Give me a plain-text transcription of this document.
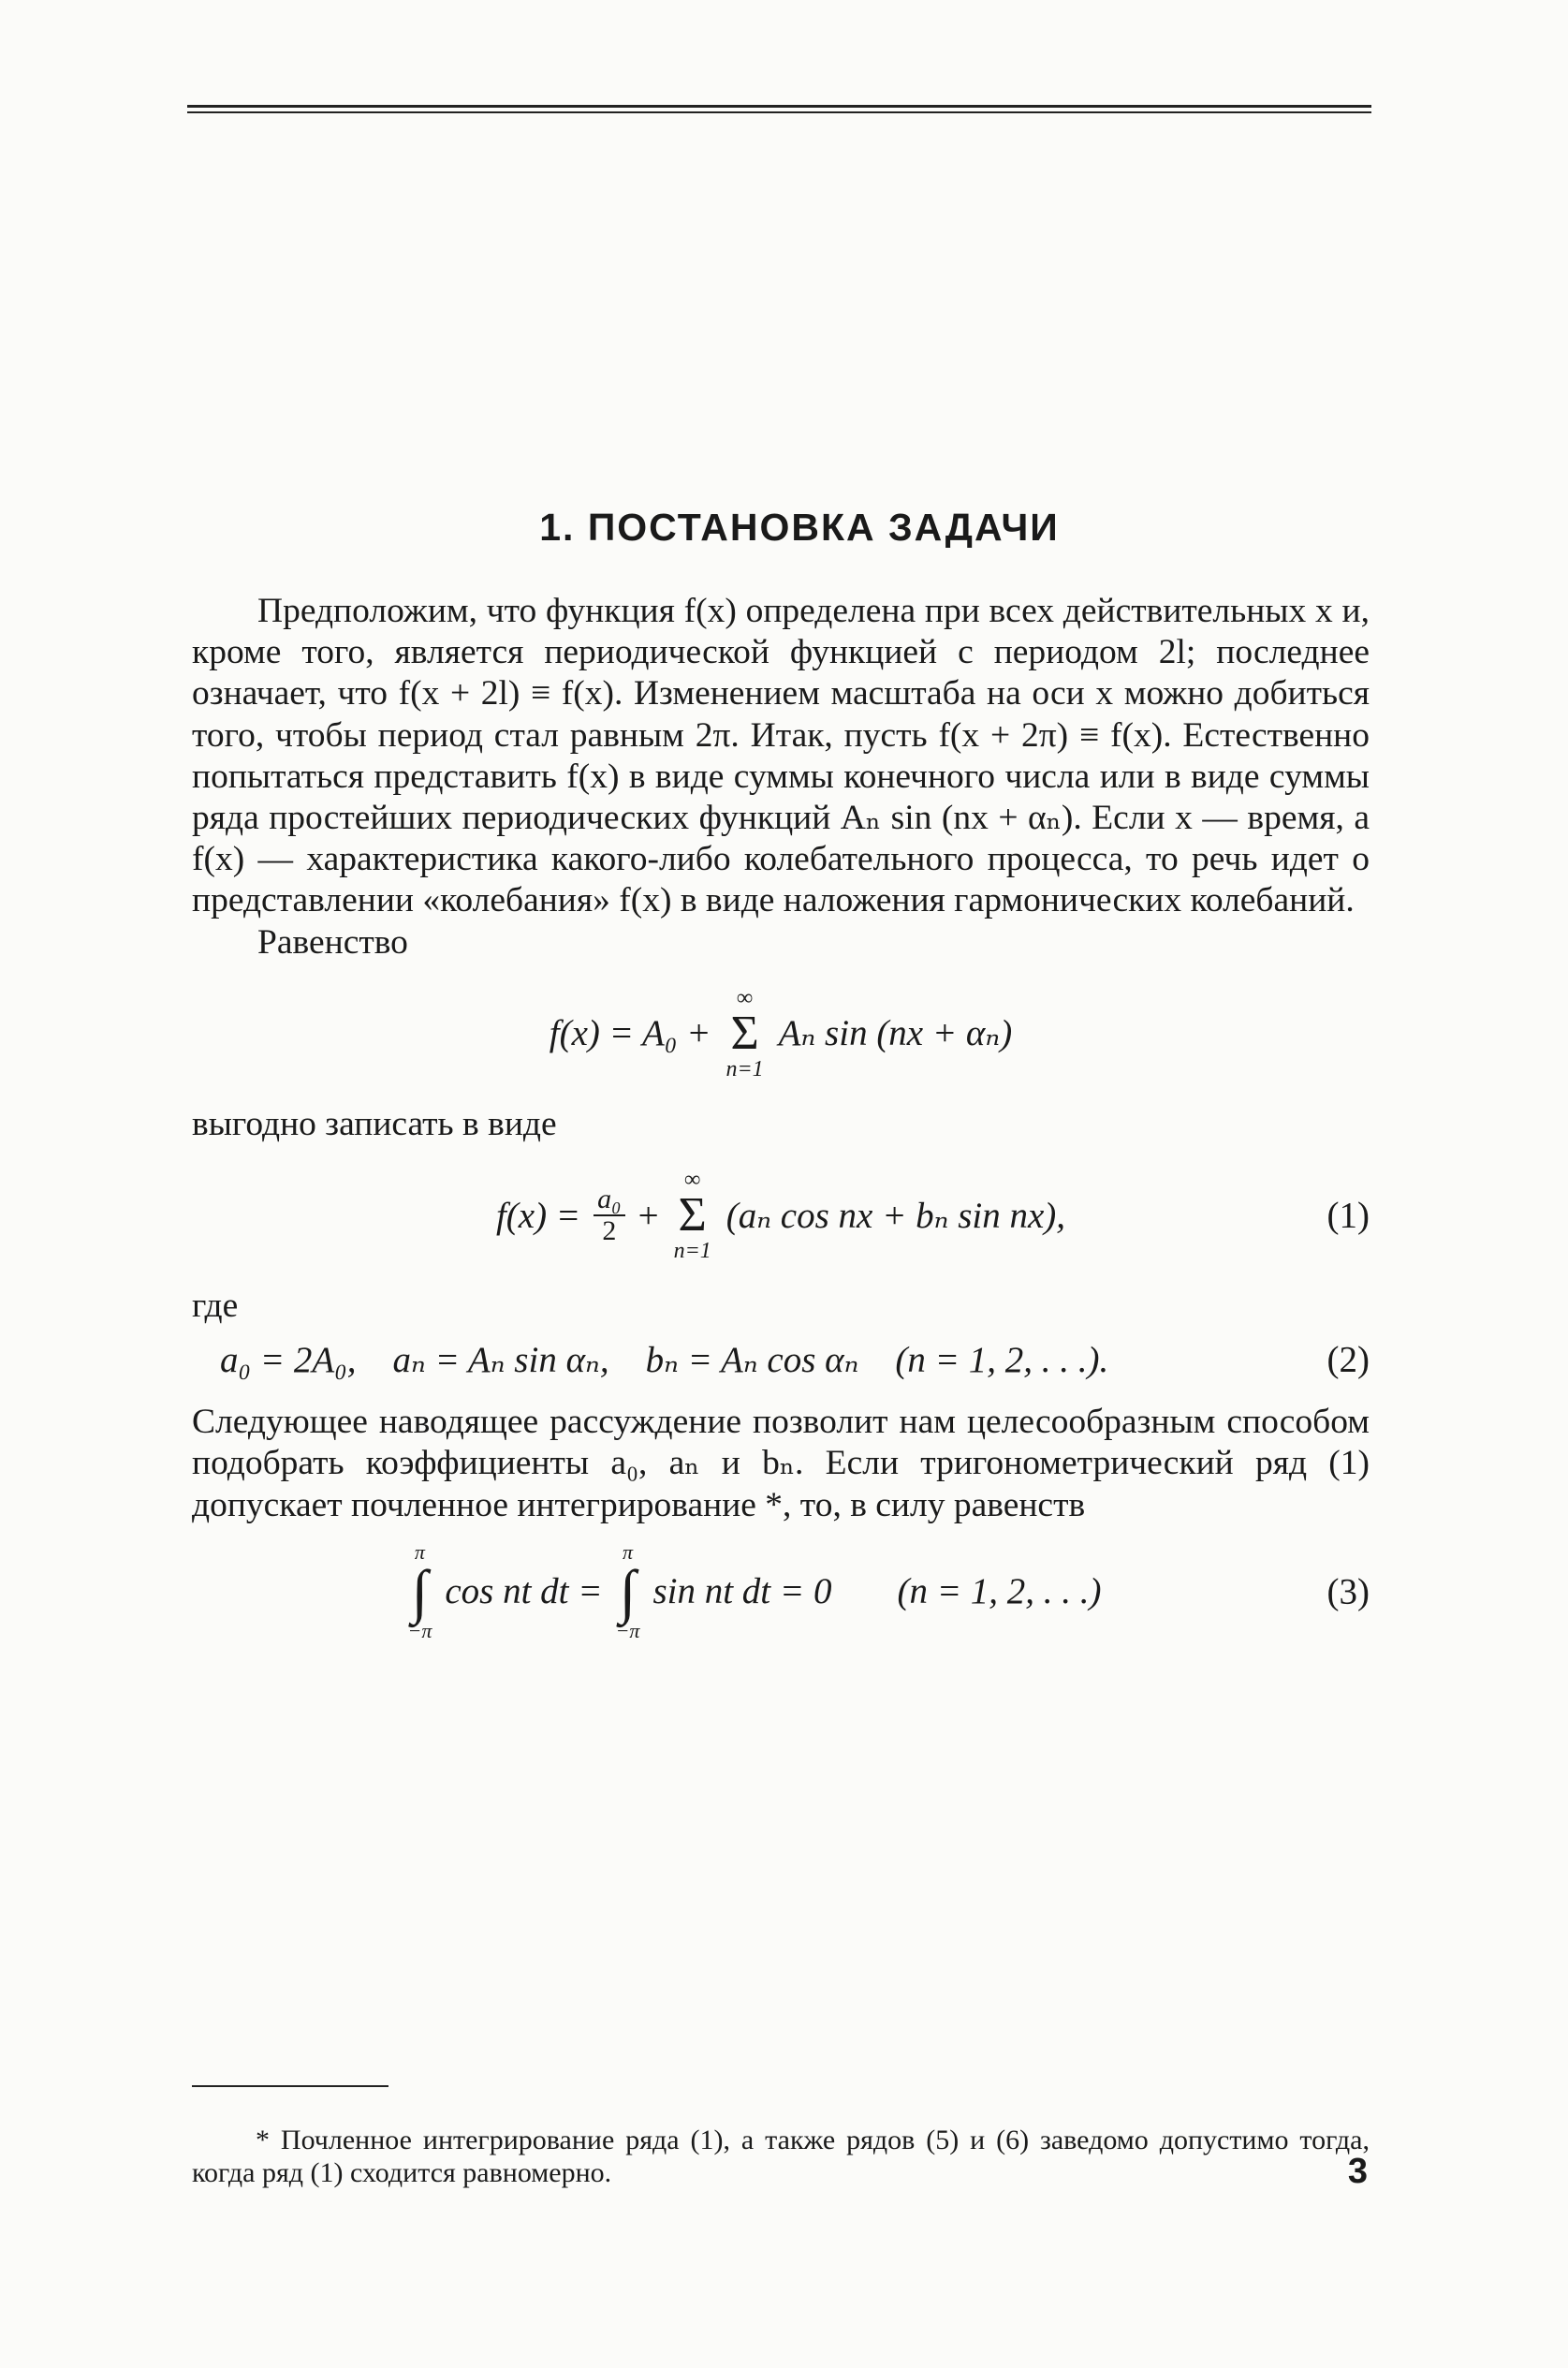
1. ПОСТАНОВКА ЗАДАЧИ

Предположим, что функция f(x) определена при всех действительных x и, кроме того, является периодической функцией с периодом 2l; последнее означает, что f(x + 2l) ≡ f(x). Изменением масштаба на оси x можно добиться того, чтобы период стал равным 2π. Итак, пусть f(x + 2π) ≡ f(x). Естественно попытаться представить f(x) в виде суммы конечного числа или в виде суммы ряда простейших периодических функций Aₙ sin (nx + αₙ). Если x — время, а f(x) — характеристика какого-либо колебательного процесса, то речь идет о представлении «колебания» f(x) в виде наложения гармонических колебаний.

Равенство

f(x) = A₀ +
∞
Σ
n=1
Aₙ sin (nx + αₙ)

выгодно записать в виде

$f(x) = \frac{\text{a₀}}{2}$ +
∞
Σ
n=1
(aₙ cos nx + bₙ sin nx),	(1)

где

a₀ = 2A₀,    aₙ = Aₙ sin αₙ,    bₙ = Aₙ cos αₙ    (n = 1, 2, . . .).	(2)

Следующее наводящее рассуждение позволит нам целесообразным способом подобрать коэффициенты a₀, aₙ и bₙ. Если тригонометрический ряд (1) допускает почленное интегрирование *, то, в силу равенств

π
∫
−π
cos nt dt =
π
∫
−π
sin nt dt = 0 (n = 1, 2, . . .)	(3)

* Почленное интегрирование ряда (1), а также рядов (5) и (6) заведомо допустимо тогда, когда ряд (1) сходится равномерно.	3
